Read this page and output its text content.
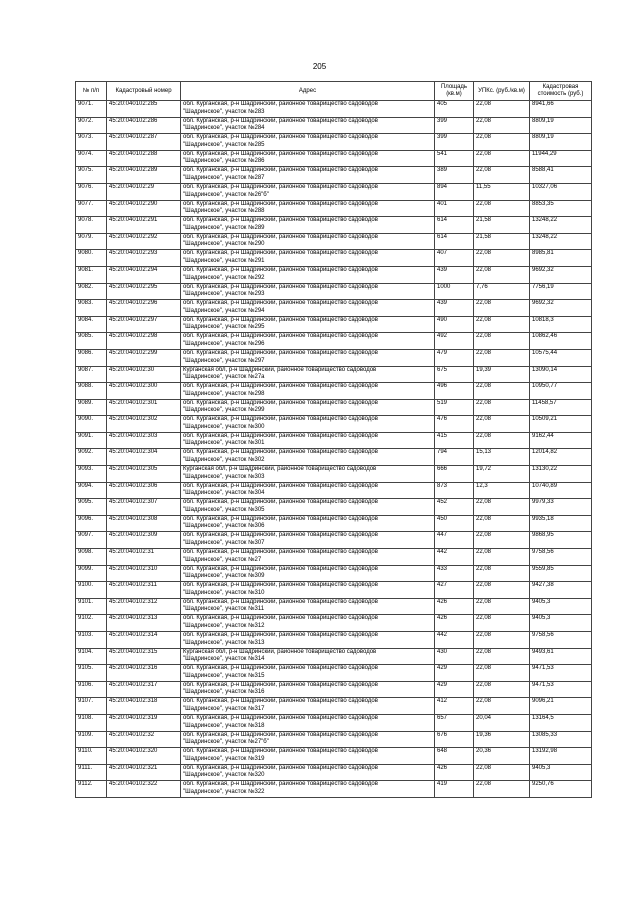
205
№ п/п	Кадастровый номер	Адрес	Площадь (кв.м)	УПКс. (руб./кв.м)	Кадастровая стоимость (руб.)
9071.	45:20:040102:285	обл. Курганская, р-н Шадринский, районное товарищество садоводов
"Шадринское", участок №283	405	22,08	8941,66
9072.	45:20:040102:286	обл. Курганская, р-н Шадринский, районное товарищество садоводов
"Шадринское", участок №284	399	22,08	8809,19
9073.	45:20:040102:287	обл. Курганская, р-н Шадринский, районное товарищество садоводов
"Шадринское", участок №285	399	22,08	8809,19
9074.	45:20:040102:288	обл. Курганская, р-н Шадринский, районное товарищество садоводов
"Шадринское", участок №286	541	22,08	11944,29
9075.	45:20:040102:289	обл. Курганская, р-н Шадринский, районное товарищество садоводов
"Шадринское", участок №287	389	22,08	8588,41
9076.	45:20:040102:29	обл. Курганская, р-н Шадринский, районное товарищество садоводов
"Шадринское", участок №26"б"	894	11,55	10327,06
9077.	45:20:040102:290	обл. Курганская, р-н Шадринский, районное товарищество садоводов
"Шадринское", участок №288	401	22,08	8853,35
9078.	45:20:040102:291	обл. Курганская, р-н Шадринский, районное товарищество садоводов
"Шадринское", участок №289	614	21,58	13248,22
9079.	45:20:040102:292	обл. Курганская, р-н Шадринский, районное товарищество садоводов
"Шадринское", участок №290	614	21,58	13248,22
9080.	45:20:040102:293	обл. Курганская, р-н Шадринский, районное товарищество садоводов
"Шадринское", участок №291	407	22,08	8985,81
9081.	45:20:040102:294	обл. Курганская, р-н Шадринский, районное товарищество садоводов
"Шадринское", участок №292	439	22,08	9692,32
9082.	45:20:040102:295	обл. Курганская, р-н Шадринский, районное товарищество садоводов
"Шадринское", участок №293	1000	7,76	7756,19
9083.	45:20:040102:296	обл. Курганская, р-н Шадринский, районное товарищество садоводов
"Шадринское", участок №294	439	22,08	9692,32
9084.	45:20:040102:297	обл. Курганская, р-н Шадринский, районное товарищество садоводов
"Шадринское", участок №295	490	22,08	10818,3
9085.	45:20:040102:298	обл. Курганская, р-н Шадринский, районное товарищество садоводов
"Шадринское", участок №296	492	22,08	10862,46
9086.	45:20:040102:299	обл. Курганская, р-н Шадринский, районное товарищество садоводов
"Шадринское", участок №297	479	22,08	10575,44
9087.	45:20:040102:30	Курганская обл, р-н Шадринский, районное товарищество садоводов
"Шадринское", участок №27а	675	19,39	13090,14
9088.	45:20:040102:300	обл. Курганская, р-н Шадринский, районное товарищество садоводов
"Шадринское", участок №298	496	22,08	10950,77
9089.	45:20:040102:301	обл. Курганская, р-н Шадринский, районное товарищество садоводов
"Шадринское", участок №299	519	22,08	11458,57
9090.	45:20:040102:302	обл. Курганская, р-н Шадринский, районное товарищество садоводов
"Шадринское", участок №300	476	22,08	10509,21
9091.	45:20:040102:303	обл. Курганская, р-н Шадринский, районное товарищество садоводов
"Шадринское", участок №301	415	22,08	9162,44
9092.	45:20:040102:304	обл. Курганская, р-н Шадринский, районное товарищество садоводов
"Шадринское", участок №302	794	15,13	12014,82
9093.	45:20:040102:305	Курганская обл, р-н Шадринский, районное товарищество садоводов
"Шадринское", участок №303	666	19,72	13130,22
9094.	45:20:040102:306	обл. Курганская, р-н Шадринский, районное товарищество садоводов
"Шадринское", участок №304	873	12,3	10740,89
9095.	45:20:040102:307	обл. Курганская, р-н Шадринский, районное товарищество садоводов
"Шадринское", участок №305	452	22,08	9979,33
9096.	45:20:040102:308	обл. Курганская, р-н Шадринский, районное товарищество садоводов
"Шадринское", участок №306	450	22,08	9935,18
9097.	45:20:040102:309	обл. Курганская, р-н Шадринский, районное товарищество садоводов
"Шадринское", участок №307	447	22,08	9868,95
9098.	45:20:040102:31	обл. Курганская, р-н Шадринский, районное товарищество садоводов
"Шадринское", участок №27	442	22,08	9758,56
9099.	45:20:040102:310	обл. Курганская, р-н Шадринский, районное товарищество садоводов
"Шадринское", участок №309	433	22,08	9559,85
9100.	45:20:040102:311	обл. Курганская, р-н Шадринский, районное товарищество садоводов
"Шадринское", участок №310	427	22,08	9427,38
9101.	45:20:040102:312	обл. Курганская, р-н Шадринский, районное товарищество садоводов
"Шадринское", участок №311	426	22,08	9405,3
9102.	45:20:040102:313	обл. Курганская, р-н Шадринский, районное товарищество садоводов
"Шадринское", участок №312	426	22,08	9405,3
9103.	45:20:040102:314	обл. Курганская, р-н Шадринский, районное товарищество садоводов
"Шадринское", участок №313	442	22,08	9758,56
9104.	45:20:040102:315	Курганская обл, р-н Шадринский, районное товарищество садоводов
"Шадринское", участок №314	430	22,08	9493,61
9105.	45:20:040102:316	обл. Курганская, р-н Шадринский, районное товарищество садоводов
"Шадринское", участок №315	429	22,08	9471,53
9106.	45:20:040102:317	обл. Курганская, р-н Шадринский, районное товарищество садоводов
"Шадринское", участок №316	429	22,08	9471,53
9107.	45:20:040102:318	обл. Курганская, р-н Шадринский, районное товарищество садоводов
"Шадринское", участок №317	412	22,08	9096,21
9108.	45:20:040102:319	обл. Курганская, р-н Шадринский, районное товарищество садоводов
"Шадринское", участок №318	657	20,04	13164,5
9109.	45:20:040102:32	обл. Курганская, р-н Шадринский, районное товарищество садоводов
"Шадринское", участок №27"б"	676	19,36	13085,33
9110.	45:20:040102:320	обл. Курганская, р-н Шадринский, районное товарищество садоводов
"Шадринское", участок №319	648	20,36	13192,98
9111.	45:20:040102:321	обл. Курганская, р-н Шадринский, районное товарищество садоводов
"Шадринское", участок №320	426	22,08	9405,3
9112.	45:20:040102:322	обл. Курганская, р-н Шадринский, районное товарищество садоводов
"Шадринское", участок №322	419	22,08	9250,76
